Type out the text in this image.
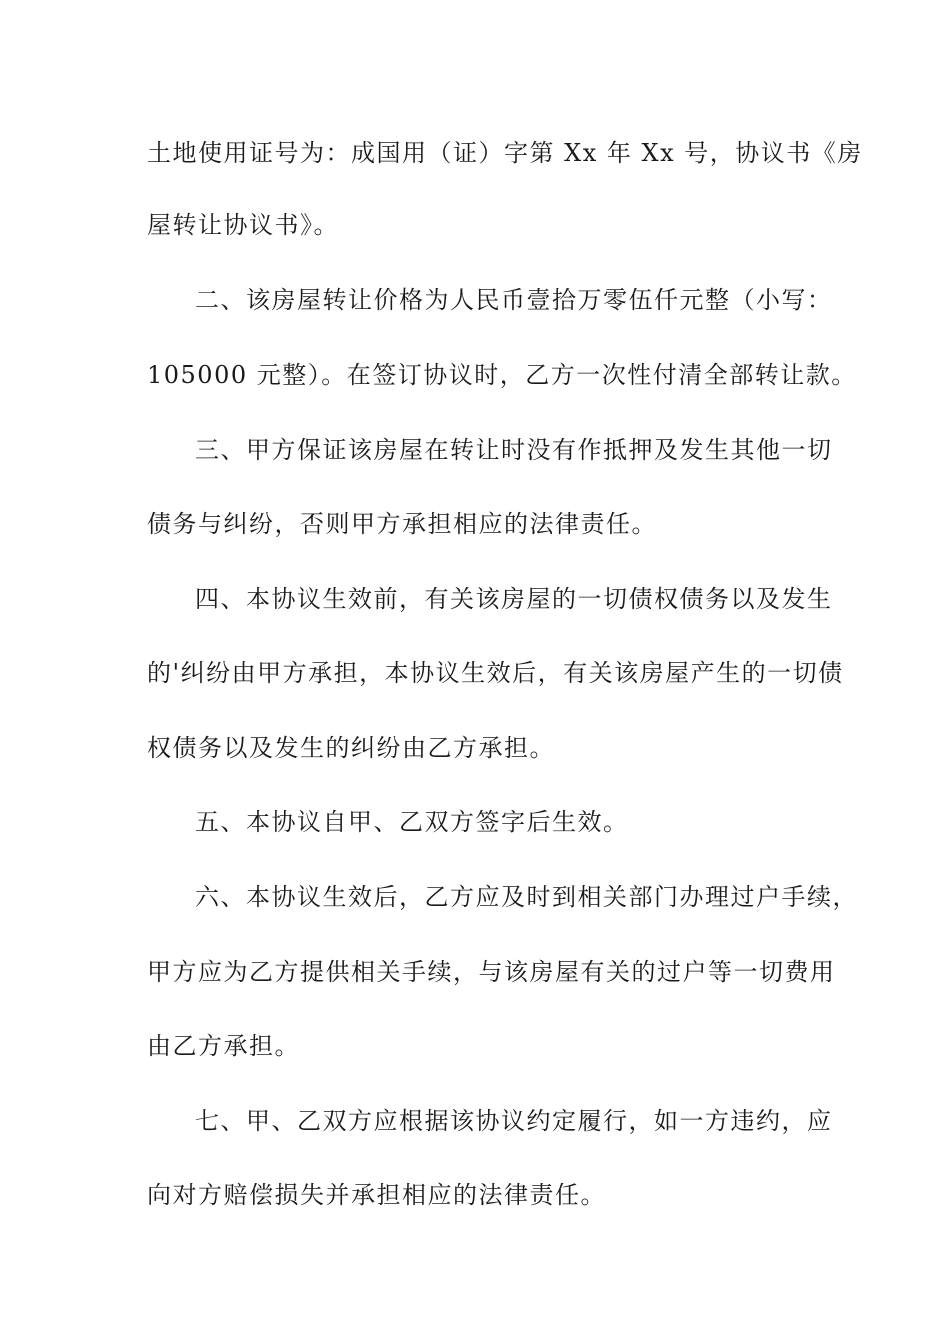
土地使用证号为：成国用（证）字第 Xx 年 Xx 号，协议书《房
屋转让协议书》。
二、该房屋转让价格为人民币壹拾万零伍仟元整（小写：
105000 元整）。在签订协议时，乙方一次性付清全部转让款。
三、甲方保证该房屋在转让时没有作抵押及发生其他一切
债务与纠纷，否则甲方承担相应的法律责任。
四、本协议生效前，有关该房屋的一切债权债务以及发生
的'纠纷由甲方承担，本协议生效后，有关该房屋产生的一切债
权债务以及发生的纠纷由乙方承担。
五、本协议自甲、乙双方签字后生效。
六、本协议生效后，乙方应及时到相关部门办理过户手续，
甲方应为乙方提供相关手续，与该房屋有关的过户等一切费用
由乙方承担。
七、甲、乙双方应根据该协议约定履行，如一方违约，应
向对方赔偿损失并承担相应的法律责任。
